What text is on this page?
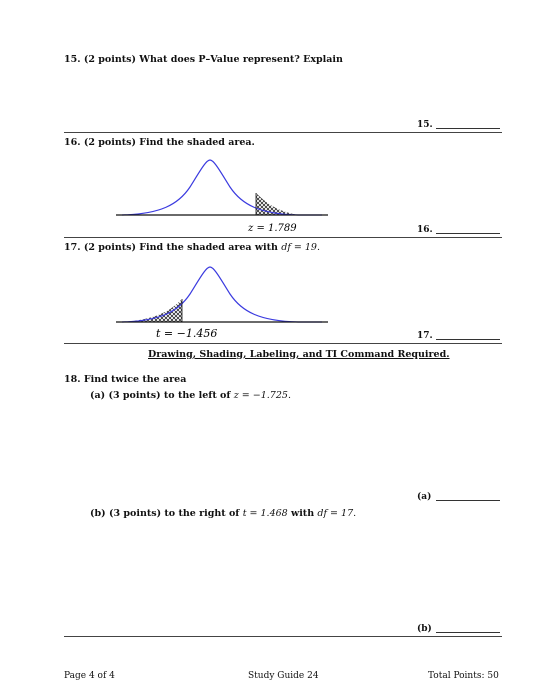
15. (2 points) What does P–Value represent? Explain
15.
16. (2 points) Find the shaded area.
z = 1.789	16.
17. (2 points) Find the shaded area with df = 19.
t = −1.456	17.
Drawing, Shading, Labeling, and TI Command Required.
18. Find twice the area
(a) (3 points) to the left of z = −1.725.
(a)
(b) (3 points) to the right of t = 1.468 with df = 17.
(b)
Page 4 of 4	Study Guide 24	Total Points: 50
